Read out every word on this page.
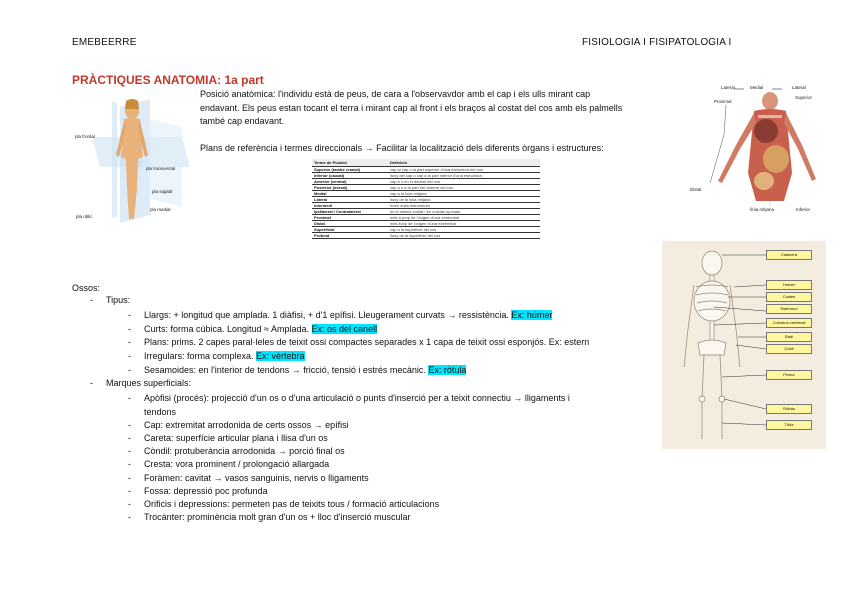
EMEBEERRE	FISIOLOGIA I FISIPATOLOGIA I
PRÀCTIQUES ANATOMIA: 1a part
pla frontal
pla transversal
pla sagital
pla medial
pla oblic
Posició anatòmica: l'individu està de peus, de cara a l'observavdor amb el cap i els ulls mirant cap
endavant. Els peus estan tocant el terra i mirant cap al front i els braços al costat del cos amb els palmells
també cap endavant.
Plans de referència i termes direccionals → Facilitar la localització dels diferents òrgans i estructures:
Terme de Posició	Definició
Superior (també cranial)	cap al cap o la part superior d'una estructura del cos
Inferior (caudal)	lluny del cap o cap a la part inferior d'una estructura
Anterior (ventral)	cap a o en el davant del cos
Posterior (dorsal)	cap a o a la part del darrere del cos
Medial	cap a la línia mitjana
Lateral	lluny de la línia mitjana
Intermedi	entre dues estructures
Ipsilateral / Contralateral	en el mateix costat / en costats oposats
Proximal	més a prop de l'origen d'una extremitat
Distal	més lluny de l'origen d'una extremitat
Superficial	cap a la superfície del cos
Profund	lluny de la superfície del cos
Lateral	Medial	Lateral
Superior
Proximal
Distal
línia mitjana	Inferior
Calavera
Húmer
Costes
Estèrnum
Columna vertebral
Radi
Cúbit
Fèmur
Ròtula
Tíbia
Ossos:
- Tipus:
- Llargs: + longitud que amplada. 1 diàfisi, + d'1 epífisi. Lleugerament curvats → ressistència. Ex: húmer
- Curts: forma cúbica. Longitud ≈ Amplada. Ex: os del canell
- Plans: prims. 2 capes paral·leles de teixit ossi compactes separades x 1 capa de teixit ossi esponjós. Ex: estern
- Irregulars: forma complexa. Ex: vèrtebra
- Sesamoides: en l'interior de tendons → fricció, tensió i estrés mecànic. Ex: ròtula
- Marques superficials:
- Apòfisi (procés): projecció d'un os o d'una articulació o punts d'inserció per a teixit connectiu → lligaments i
tendons
- Cap: extremitat arrodonida de certs ossos → epífisi
- Careta: superfície articular plana i llisa d'un os
- Còndil: protuberància arrodonida → porció final os
- Cresta: vora prominent / prolongació allargada
- Foràmen: cavitat → vasos sanguinis, nervis o lligaments
- Fossa: depressió poc profunda
- Orificis i depressions: permeten pas de teixits tous / formació articulacions
- Trocànter: prominència molt gran d'un os + lloc d'inserció muscular
